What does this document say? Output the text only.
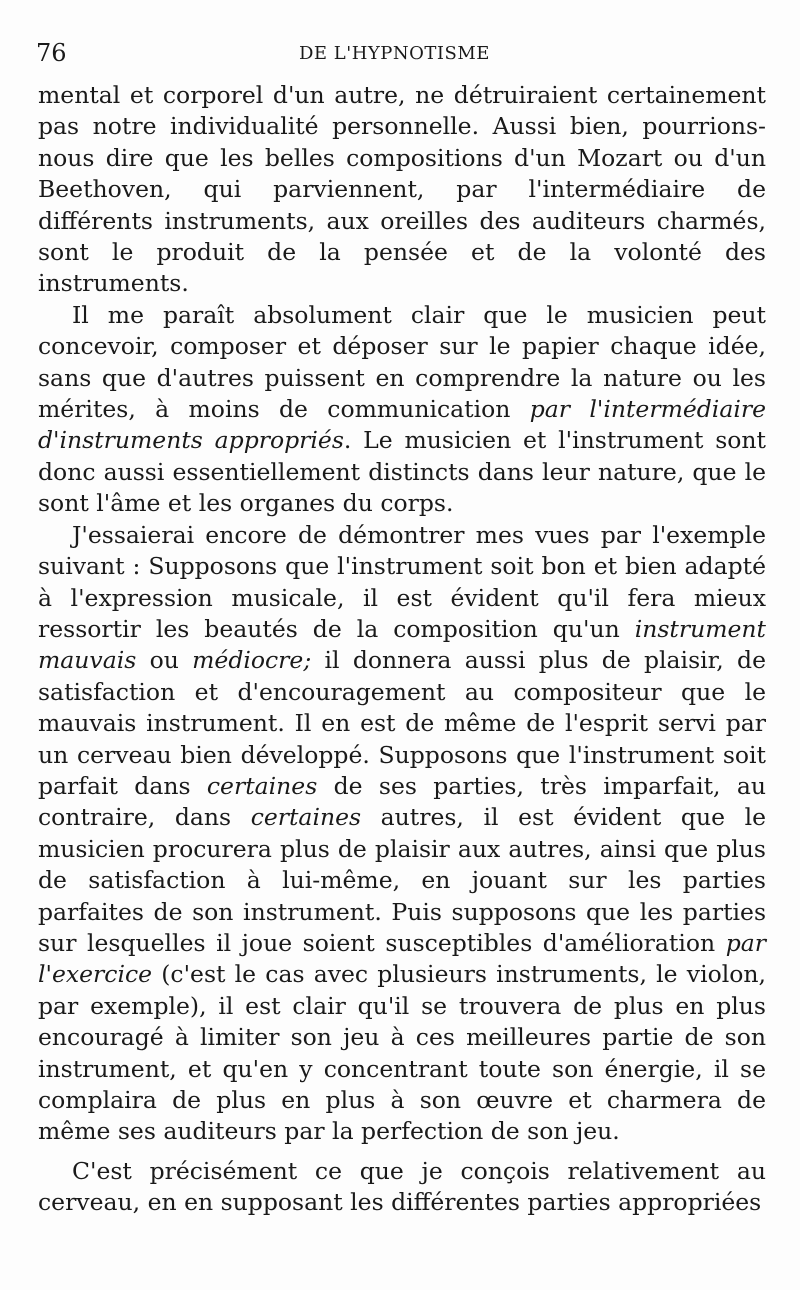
76	DE L'HYPNOTISME

mental et corporel d'un autre, ne détruiraient certainement pas notre individualité personnelle. Aussi bien, pourrions-nous dire que les belles compositions d'un Mozart ou d'un Beethoven, qui parviennent, par l'intermédiaire de différents instruments, aux oreilles des auditeurs charmés, sont le produit de la pensée et de la volonté des instruments.

Il me paraît absolument clair que le musicien peut concevoir, composer et déposer sur le papier chaque idée, sans que d'autres puissent en comprendre la nature ou les mérites, à moins de communication par l'intermédiaire d'instruments appropriés. Le musicien et l'instrument sont donc aussi essentiellement distincts dans leur nature, que le sont l'âme et les organes du corps.

J'essaierai encore de démontrer mes vues par l'exemple suivant : Supposons que l'instrument soit bon et bien adapté à l'expression musicale, il est évident qu'il fera mieux ressortir les beautés de la composition qu'un instrument mauvais ou médiocre; il donnera aussi plus de plaisir, de satisfaction et d'encouragement au compositeur que le mauvais instrument. Il en est de même de l'esprit servi par un cerveau bien développé. Supposons que l'instrument soit parfait dans certaines de ses parties, très imparfait, au contraire, dans certaines autres, il est évident que le musicien procurera plus de plaisir aux autres, ainsi que plus de satisfaction à lui-même, en jouant sur les parties parfaites de son instrument. Puis supposons que les parties sur lesquelles il joue soient susceptibles d'amélioration par l'exercice (c'est le cas avec plusieurs instruments, le violon, par exemple), il est clair qu'il se trouvera de plus en plus encouragé à limiter son jeu à ces meilleures partie de son instrument, et qu'en y concentrant toute son énergie, il se complaira de plus en plus à son œuvre et charmera de même ses auditeurs par la perfection de son jeu.

C'est précisément ce que je conçois relativement au cerveau, en en supposant les différentes parties appropriées
